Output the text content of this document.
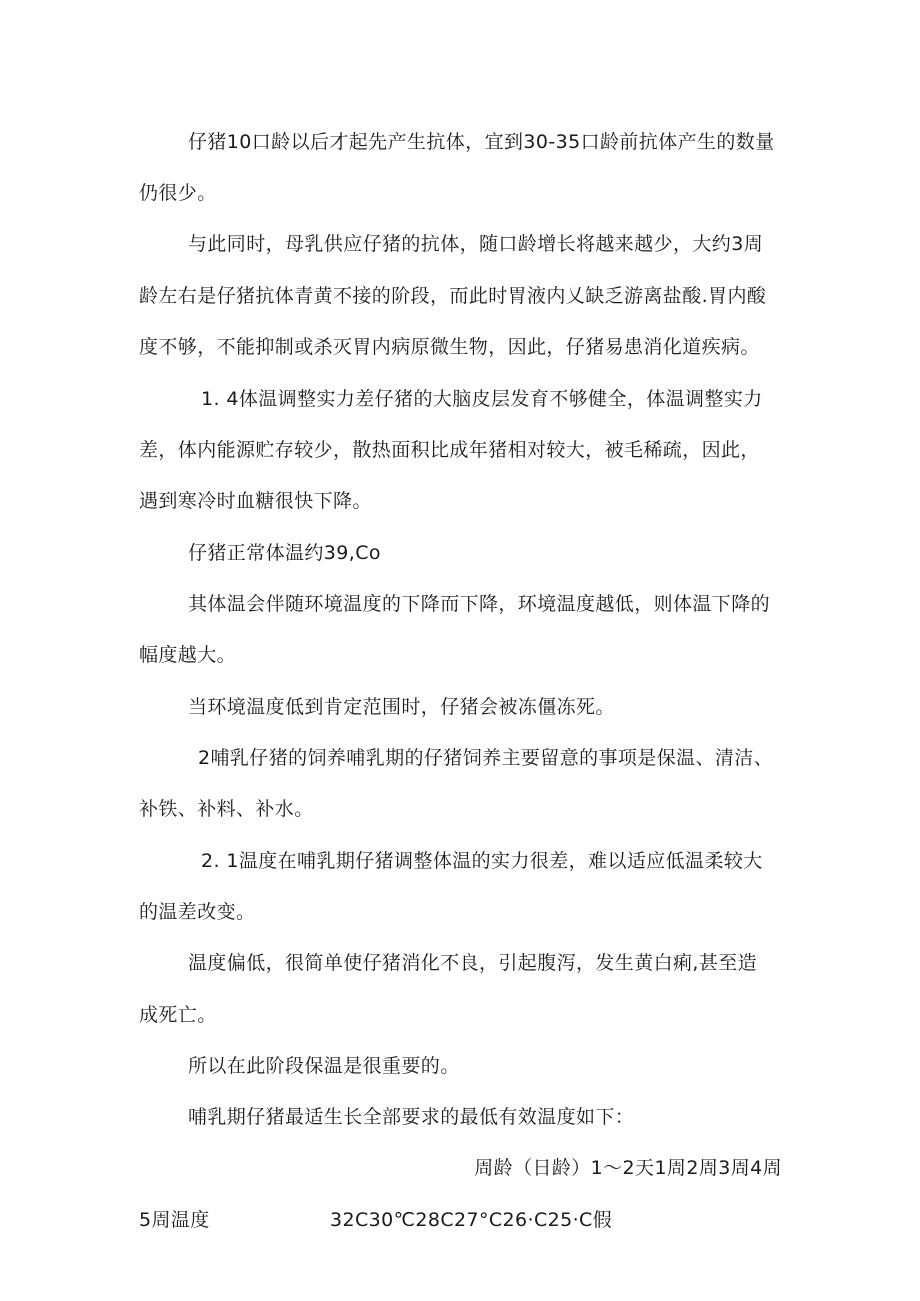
仔猪10口龄以后才起先产生抗体，宜到30-35口龄前抗体产生的数量
仍很少。
与此同时，母乳供应仔猪的抗体，随口龄增长将越来越少，大约3周
龄左右是仔猪抗体青黄不接的阶段，而此时胃液内乂缺乏游离盐酸.胃内酸
度不够，不能抑制或杀灭胃内病原微生物，因此，仔猪易患消化道疾病。
1. 4体温调整实力差仔猪的大脑皮层发育不够健全，体温调整实力
差，体内能源贮存较少，散热面积比成年猪相对较大，被毛稀疏，因此，
遇到寒冷时血糖很快下降。
仔猪正常体温约39,Co
其体温会伴随环境温度的下降而下降，环境温度越低，则体温下降的
幅度越大。
当环境温度低到肯定范围时，仔猪会被冻僵冻死。
2哺乳仔猪的饲养哺乳期的仔猪饲养主要留意的事项是保温、清洁、
补铁、补料、补水。
2. 1温度在哺乳期仔猪调整体温的实力很差，难以适应低温柔较大
的温差改变。
温度偏低，很简单使仔猪消化不良，引起腹泻，发生黄白痢,甚至造
成死亡。
所以在此阶段保温是很重要的。
哺乳期仔猪最适生长全部要求的最低有效温度如下：
周龄（日龄）1〜2天1周2周3周4周
5周温度	32C30℃28C27°C26·C25·C假
